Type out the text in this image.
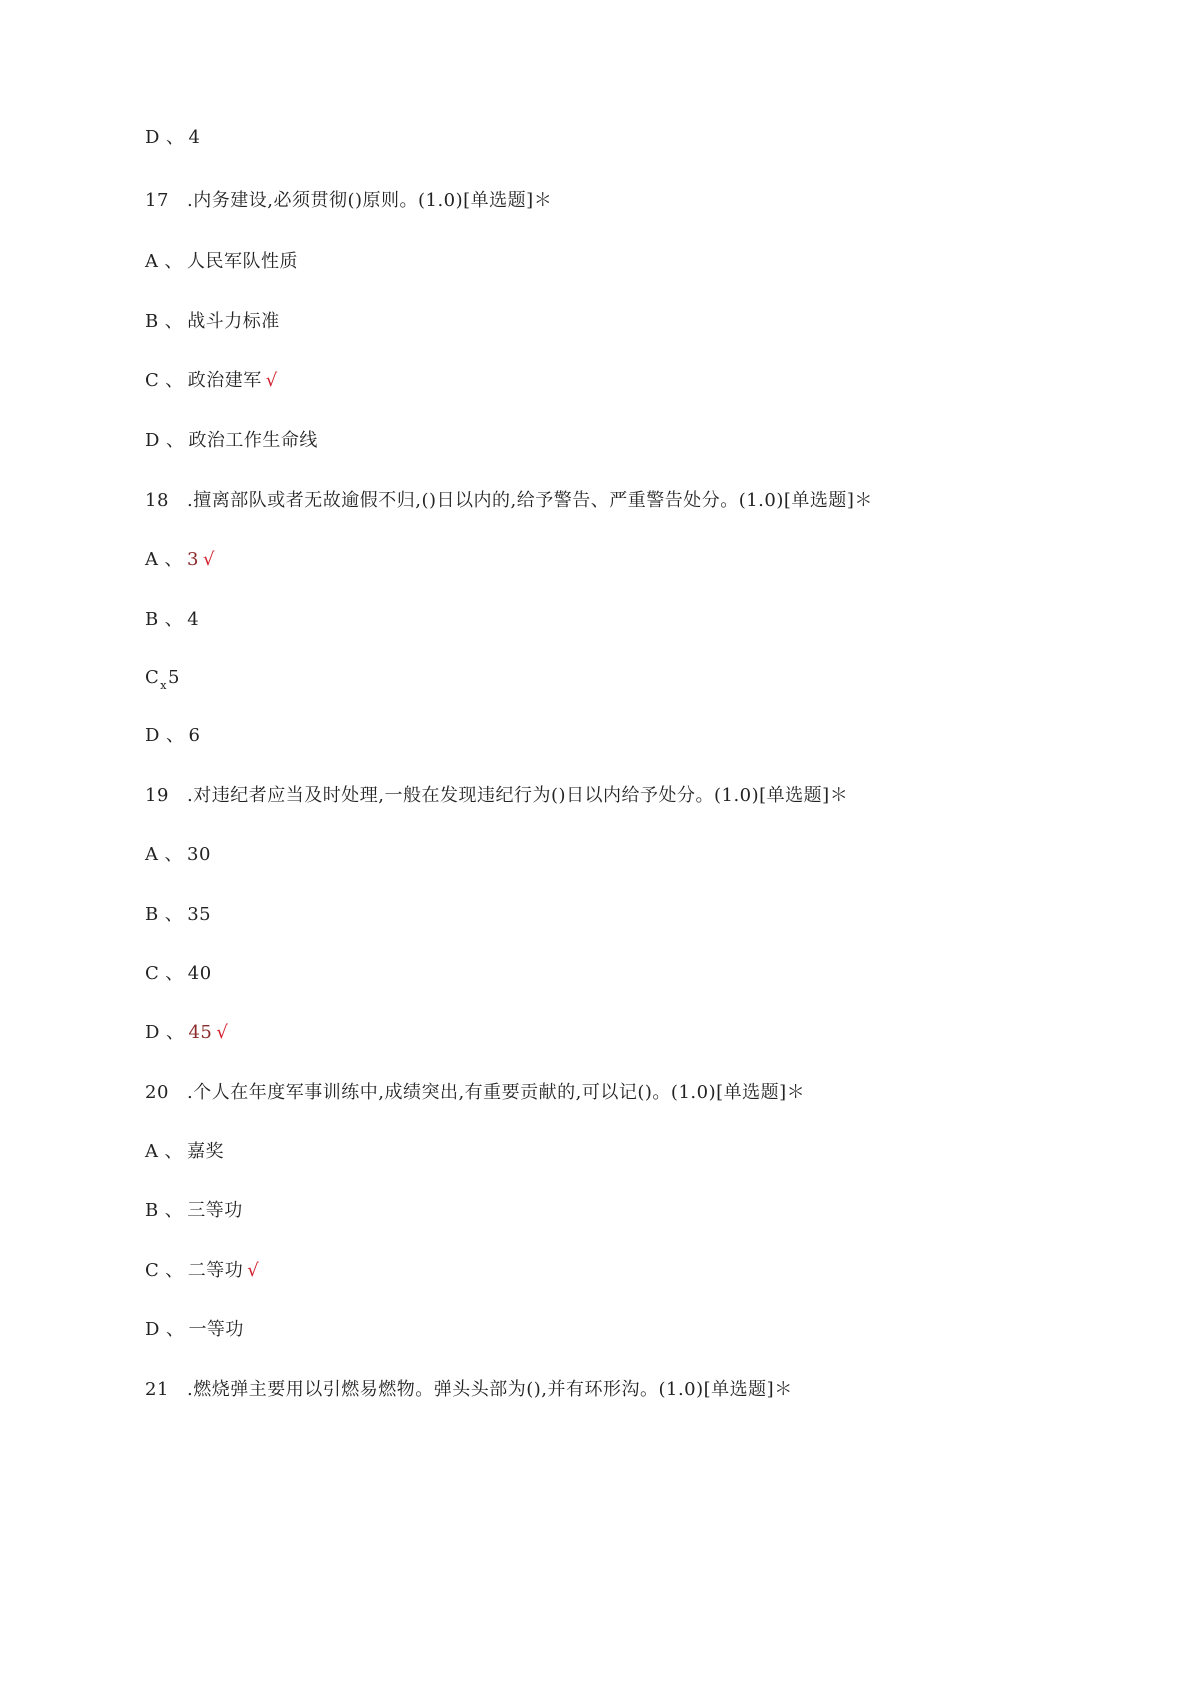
D 、 4
17 .内务建设,必须贯彻()原则。(1.0)[单选题]＊
A 、 人民军队性质
B 、 战斗力标准
C 、 政治建军 √
D 、 政治工作生命线
18 .擅离部队或者无故逾假不归,()日以内的,给予警告、严重警告处分。(1.0)[单选题]＊
A 、 3 √
B 、 4
$C_x5$
D 、 6
19 .对违纪者应当及时处理,一般在发现违纪行为()日以内给予处分。(1.0)[单选题]＊
A 、 30
B 、 35
C 、 40
D 、 45 √
20 .个人在年度军事训练中,成绩突出,有重要贡献的,可以记()。(1.0)[单选题]＊
A 、 嘉奖
B 、 三等功
C 、 二等功 √
D 、 一等功
21 .燃烧弹主要用以引燃易燃物。弹头头部为(),并有环形沟。(1.0)[单选题]＊
